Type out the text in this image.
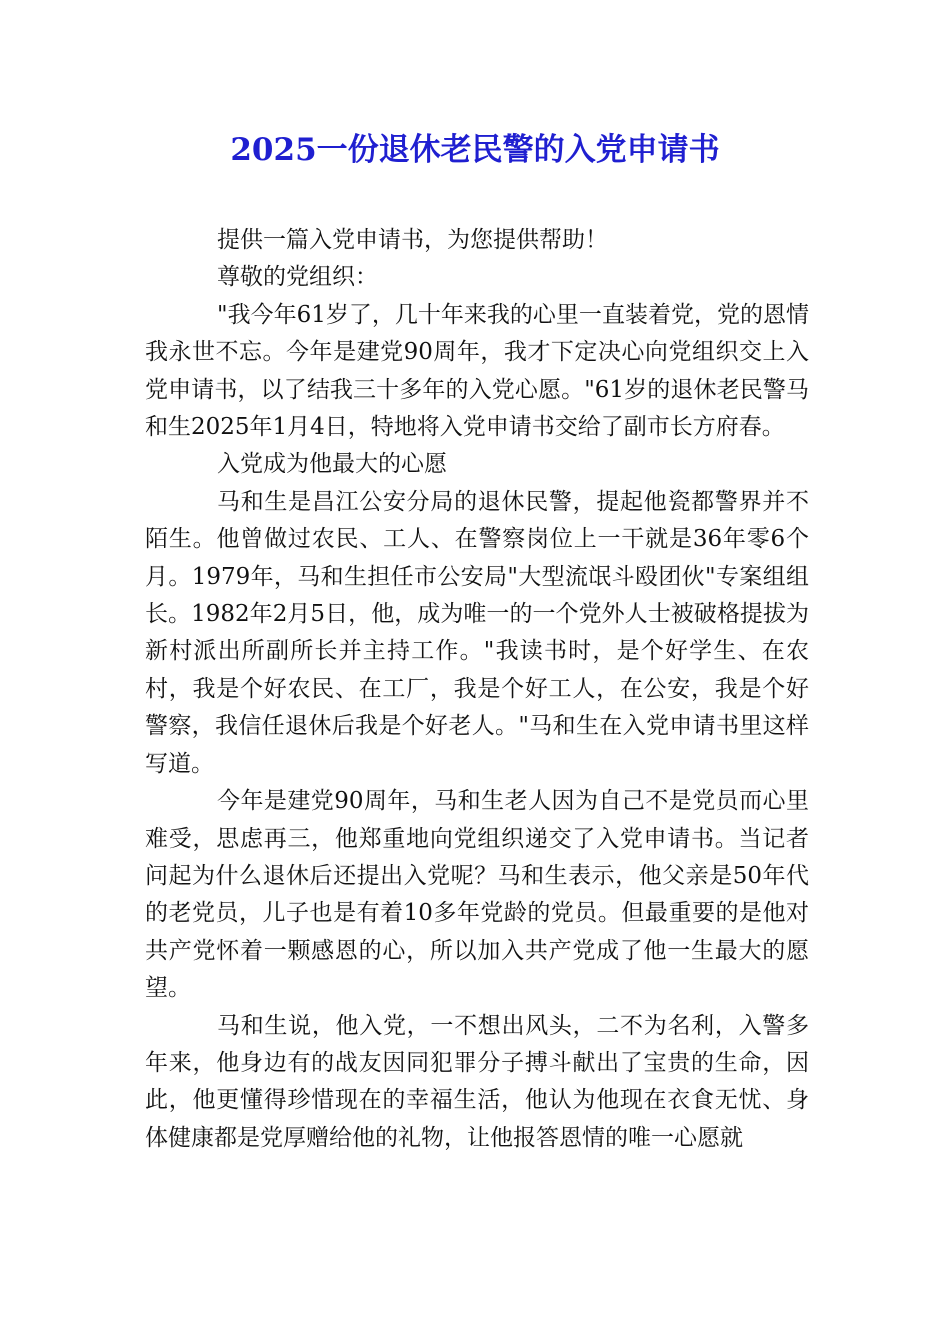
2025一份退休老民警的入党申请书

提供一篇入党申请书，为您提供帮助！

尊敬的党组织：

"我今年61岁了，几十年来我的心里一直装着党，党的恩情我永世不忘。今年是建党90周年，我才下定决心向党组织交上入党申请书，以了结我三十多年的入党心愿。"61岁的退休老民警马和生2025年1月4日，特地将入党申请书交给了副市长方府春。

入党成为他最大的心愿

马和生是昌江公安分局的退休民警，提起他瓷都警界并不陌生。他曾做过农民、工人、在警察岗位上一干就是36年零6个月。1979年，马和生担任市公安局"大型流氓斗殴团伙"专案组组长。1982年2月5日，他，成为唯一的一个党外人士被破格提拔为新村派出所副所长并主持工作。"我读书时，是个好学生、在农村，我是个好农民、在工厂，我是个好工人，在公安，我是个好警察，我信任退休后我是个好老人。"马和生在入党申请书里这样写道。

今年是建党90周年，马和生老人因为自己不是党员而心里难受，思虑再三，他郑重地向党组织递交了入党申请书。当记者问起为什么退休后还提出入党呢？马和生表示，他父亲是50年代的老党员，儿子也是有着10多年党龄的党员。但最重要的是他对共产党怀着一颗感恩的心，所以加入共产党成了他一生最大的愿望。

马和生说，他入党，一不想出风头，二不为名利，入警多年来，他身边有的战友因同犯罪分子搏斗献出了宝贵的生命，因此，他更懂得珍惜现在的幸福生活，他认为他现在衣食无忧、身体健康都是党厚赠给他的礼物，让他报答恩情的唯一心愿就
